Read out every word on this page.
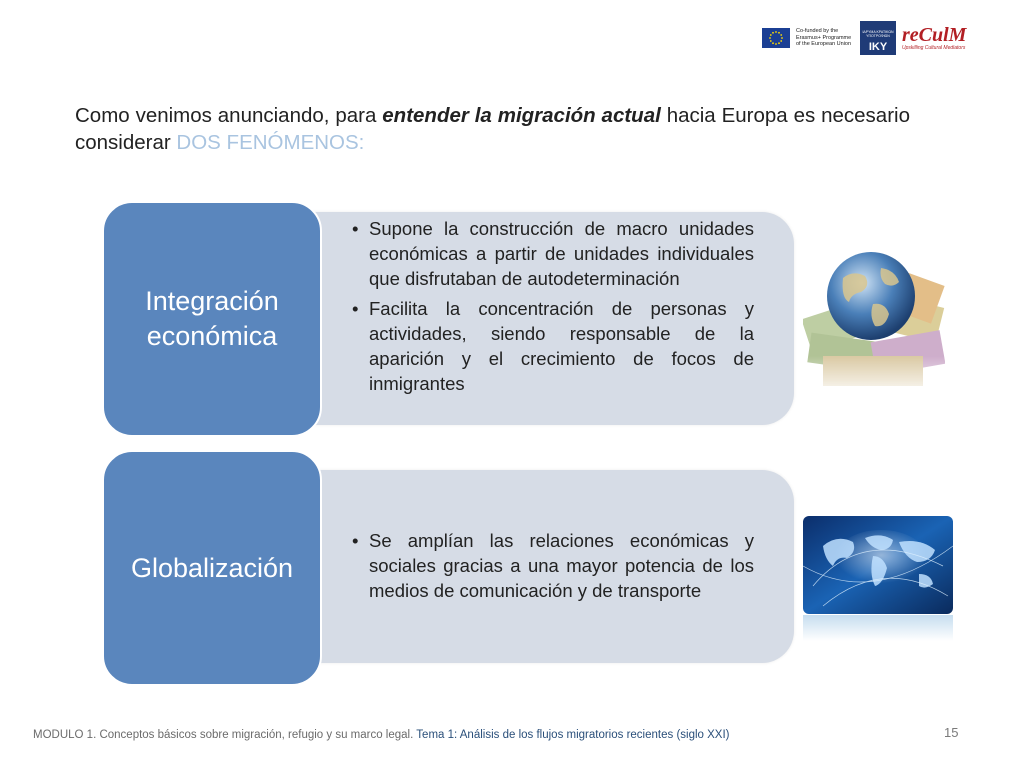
Co-funded by the
Erasmus+ Programme
of the European Union
ΙΔΡΥΜΑ ΚΡΑΤΙΚΩΝ ΥΠΟΤΡΟΦΙΩΝ
IKY
reCulM
Upskilling Cultural Mediators
Como venimos anunciando, para entender la migración actual hacia Europa es necesario considerar DOS FENÓMENOS:
Integración económica
• Supone la construcción de macro unidades económicas a partir de unidades individuales que disfrutaban de autodeterminación
• Facilita la concentración de personas y actividades, siendo responsable de la aparición y el crecimiento de focos de inmigrantes
Globalización
• Se amplían las relaciones económicas y sociales gracias a una mayor potencia de los medios de comunicación y de transporte
MODULO 1. Conceptos básicos sobre migración, refugio y su marco legal. Tema 1: Análisis de los flujos migratorios recientes (siglo XXI)	15
